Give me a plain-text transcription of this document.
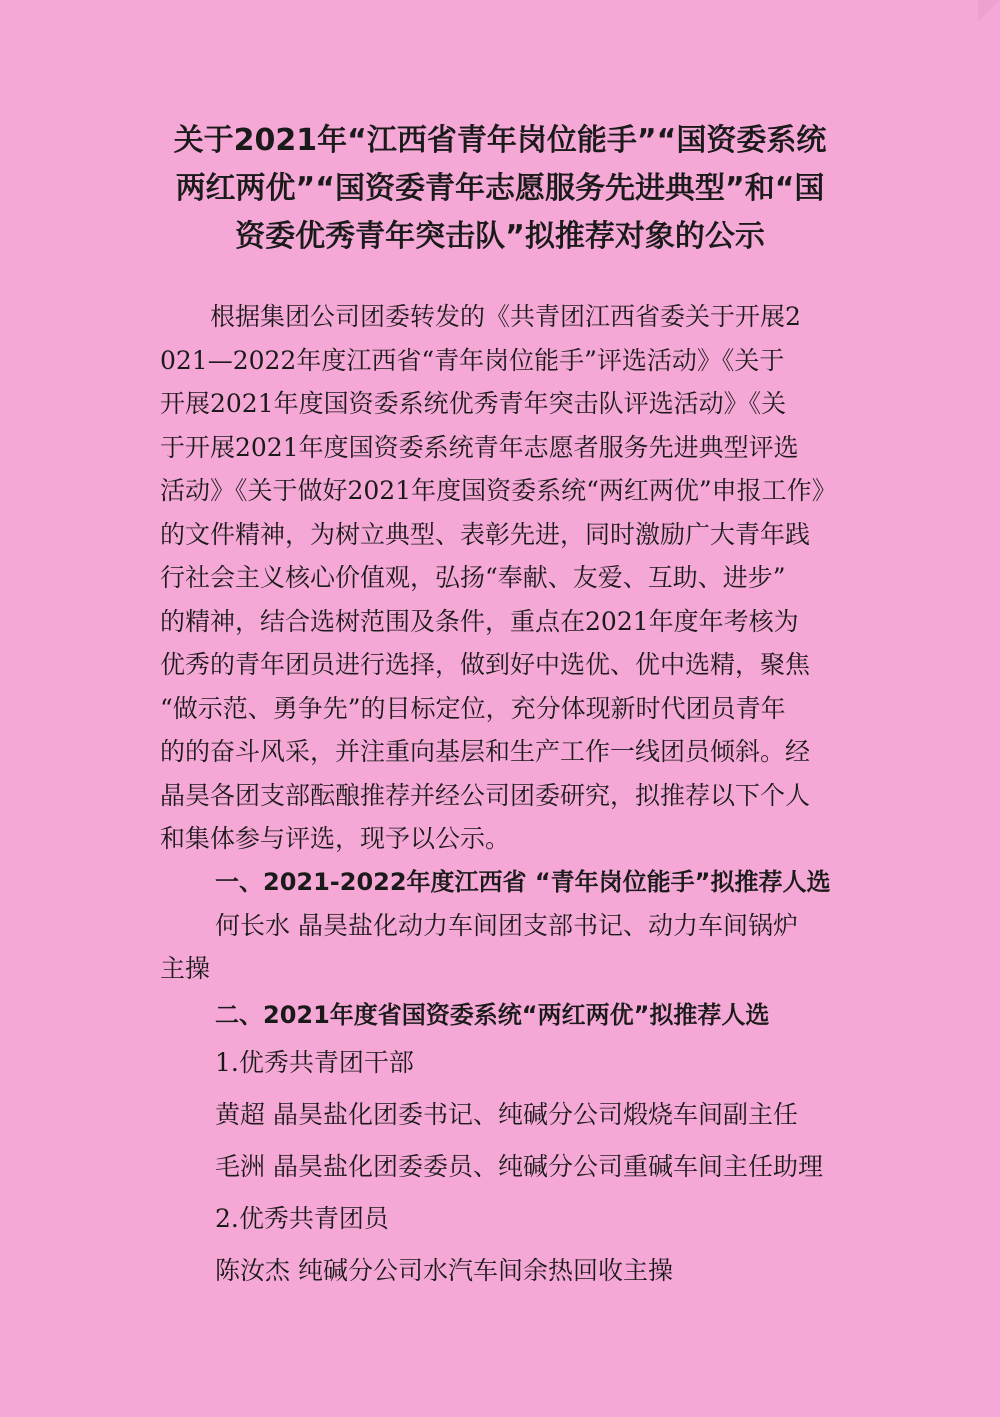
关于2021年“江西省青年岗位能手”“国资委系统
两红两优”“国资委青年志愿服务先进典型”和“国
资委优秀青年突击队”拟推荐对象的公示
根据集团公司团委转发的《共青团江西省委关于开展2
021—2022年度江西省“青年岗位能手”评选活动》《关于
开展2021年度国资委系统优秀青年突击队评选活动》《关
于开展2021年度国资委系统青年志愿者服务先进典型评选
活动》《关于做好2021年度国资委系统“两红两优”申报工作》
的文件精神，为树立典型、表彰先进，同时激励广大青年践
行社会主义核心价值观，弘扬“奉献、友爱、互助、进步”
的精神，结合选树范围及条件，重点在2021年度年考核为
优秀的青年团员进行选择，做到好中选优、优中选精，聚焦
“做示范、勇争先”的目标定位，充分体现新时代团员青年
的的奋斗风采，并注重向基层和生产工作一线团员倾斜。经
晶昊各团支部酝酿推荐并经公司团委研究，拟推荐以下个人
和集体参与评选，现予以公示。

一、2021-2022年度江西省 “青年岗位能手”拟推荐人选

何长水 晶昊盐化动力车间团支部书记、动力车间锅炉

主操

二、2021年度省国资委系统“两红两优”拟推荐人选

1.优秀共青团干部

黄超 晶昊盐化团委书记、纯碱分公司煅烧车间副主任

毛洲 晶昊盐化团委委员、纯碱分公司重碱车间主任助理

2.优秀共青团员

陈汝杰 纯碱分公司水汽车间余热回收主操
